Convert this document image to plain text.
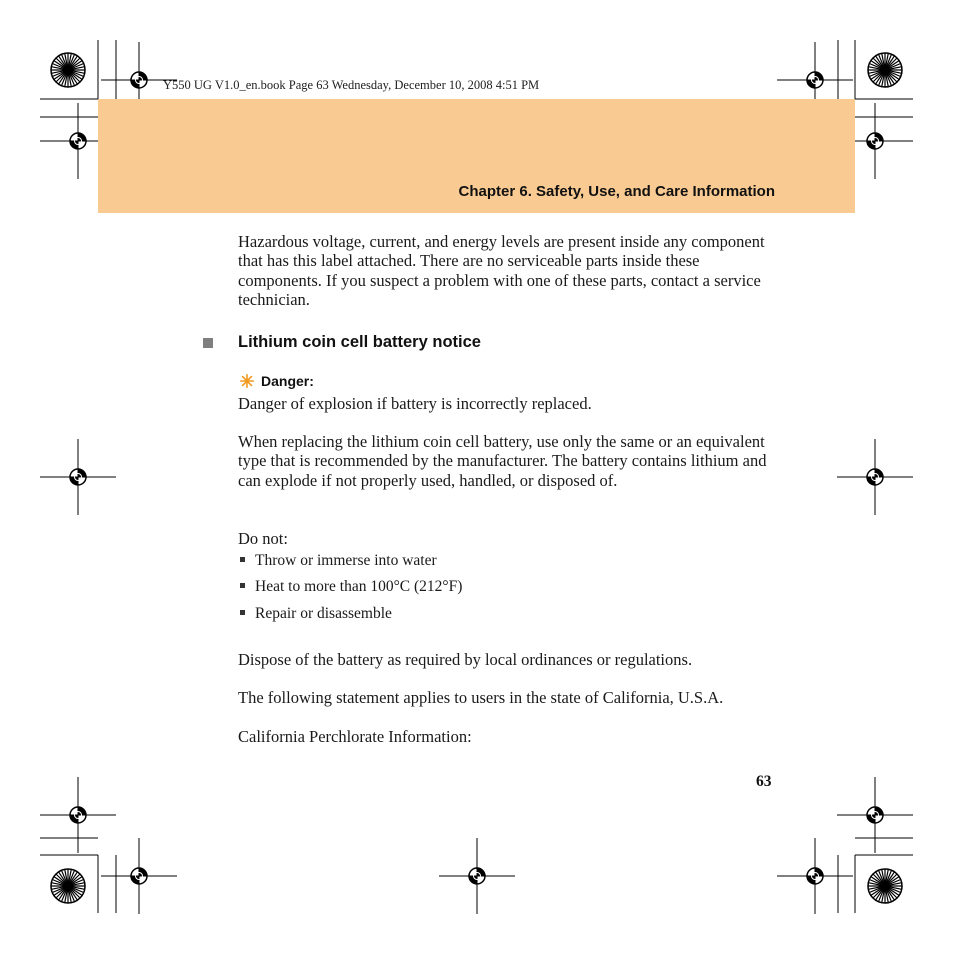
Y550 UG V1.0_en.book Page 63 Wednesday, December 10, 2008 4:51 PM
Chapter 6. Safety, Use, and Care Information

Hazardous voltage, current, and energy levels are present inside any component that has this label attached. There are no serviceable parts inside these components. If you suspect a problem with one of these parts, contact a service technician.

Lithium coin cell battery notice
Danger:

Danger of explosion if battery is incorrectly replaced.

When replacing the lithium coin cell battery, use only the same or an equivalent type that is recommended by the manufacturer. The battery contains lithium and can explode if not properly used, handled, or disposed of.

Do not:

Throw or immerse into water
Heat to more than 100°C (212°F)
Repair or disassemble

Dispose of the battery as required by local ordinances or regulations.

The following statement applies to users in the state of California, U.S.A.

California Perchlorate Information:

63
